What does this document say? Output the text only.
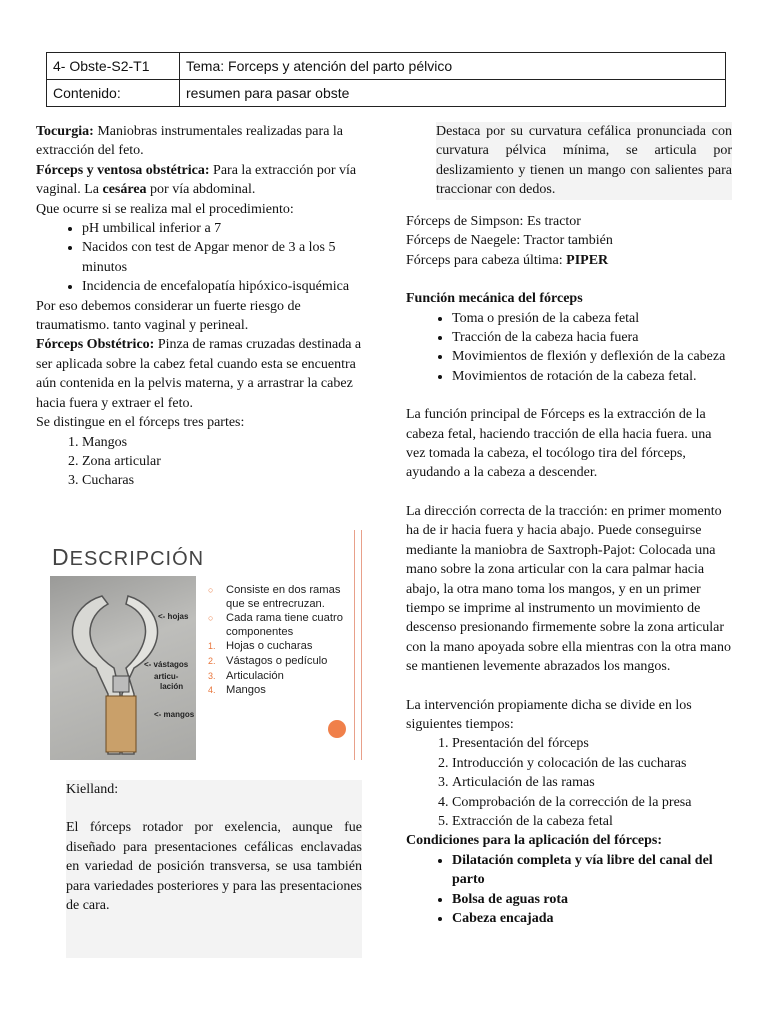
4- Obste-S2-T1	Tema: Forceps y atención del parto pélvico
Contenido:	resumen para pasar obste

Tocurgia: Maniobras instrumentales realizadas para la extracción del feto.

Fórceps y ventosa obstétrica: Para la extracción por vía vaginal. La cesárea por vía abdominal.

Que ocurre si se realiza mal el procedimiento:

• pH umbilical inferior a 7
• Nacidos con test de Apgar menor de 3 a los 5 minutos
• Incidencia de encefalopatía hipóxico-isquémica

Por eso debemos considerar un fuerte riesgo de traumatismo. tanto vaginal y perineal.

Fórceps Obstétrico: Pinza de ramas cruzadas destinada a ser aplicada sobre la cabez fetal cuando esta se encuentra aún contenida en la pelvis materna, y a arrastrar la cabez hacia fuera y extraer el feto.

Se distingue en el fórceps tres partes:

1. Mangos
2. Zona articular
3. Cucharas
DESCRIPCIÓN
<- hojas
<- vástagos
articu-
lación
<- mangos
○ Consiste en dos ramas que se entrecruzan.
○ Cada rama tiene cuatro componentes
1. Hojas o cucharas
2. Vástagos o pedículo
3. Articulación
4. Mangos

Kielland:

El fórceps rotador por exelencia, aunque fue diseñado para presentaciones cefálicas enclavadas en variedad de posición transversa, se usa también para variedades posteriores y para las presentaciones de cara.

Destaca por su curvatura cefálica pronunciada con curvatura pélvica mínima, se articula por deslizamiento y tienen un mango con salientes para traccionar con dedos.

Fórceps de Simpson: Es tractor

Fórceps de Naegele: Tractor también

Fórceps para cabeza última: PIPER

Función mecánica del fórceps

• Toma o presión de la cabeza fetal
• Tracción de la cabeza hacia fuera
• Movimientos de flexión y deflexión de la cabeza
• Movimientos de rotación de la cabeza fetal.

La función principal de Fórceps es la extracción de la cabeza fetal, haciendo tracción de ella hacia fuera. una vez tomada la cabeza, el tocólogo tira del fórceps, ayudando a la cabeza a descender.

La dirección correcta de la tracción: en primer momento ha de ir hacia fuera y hacia abajo. Puede conseguirse mediante la maniobra de Saxtroph-Pajot: Colocada una mano sobre la zona articular con la cara palmar hacia abajo, la otra mano toma los mangos, y en un primer tiempo se imprime al instrumento un movimiento de descenso presionando firmemente sobre la zona articular con la mano apoyada sobre ella mientras con la otra mano se mantienen levemente abrazados los mangos.

La intervención propiamente dicha se divide en los siguientes tiempos:

1. Presentación del fórceps
2. Introducción y colocación de las cucharas
3. Articulación de las ramas
4. Comprobación de la corrección de la presa
5. Extracción de la cabeza fetal

Condiciones para la aplicación del fórceps:

• Dilatación completa y vía libre del canal del parto
• Bolsa de aguas rota
• Cabeza encajada
